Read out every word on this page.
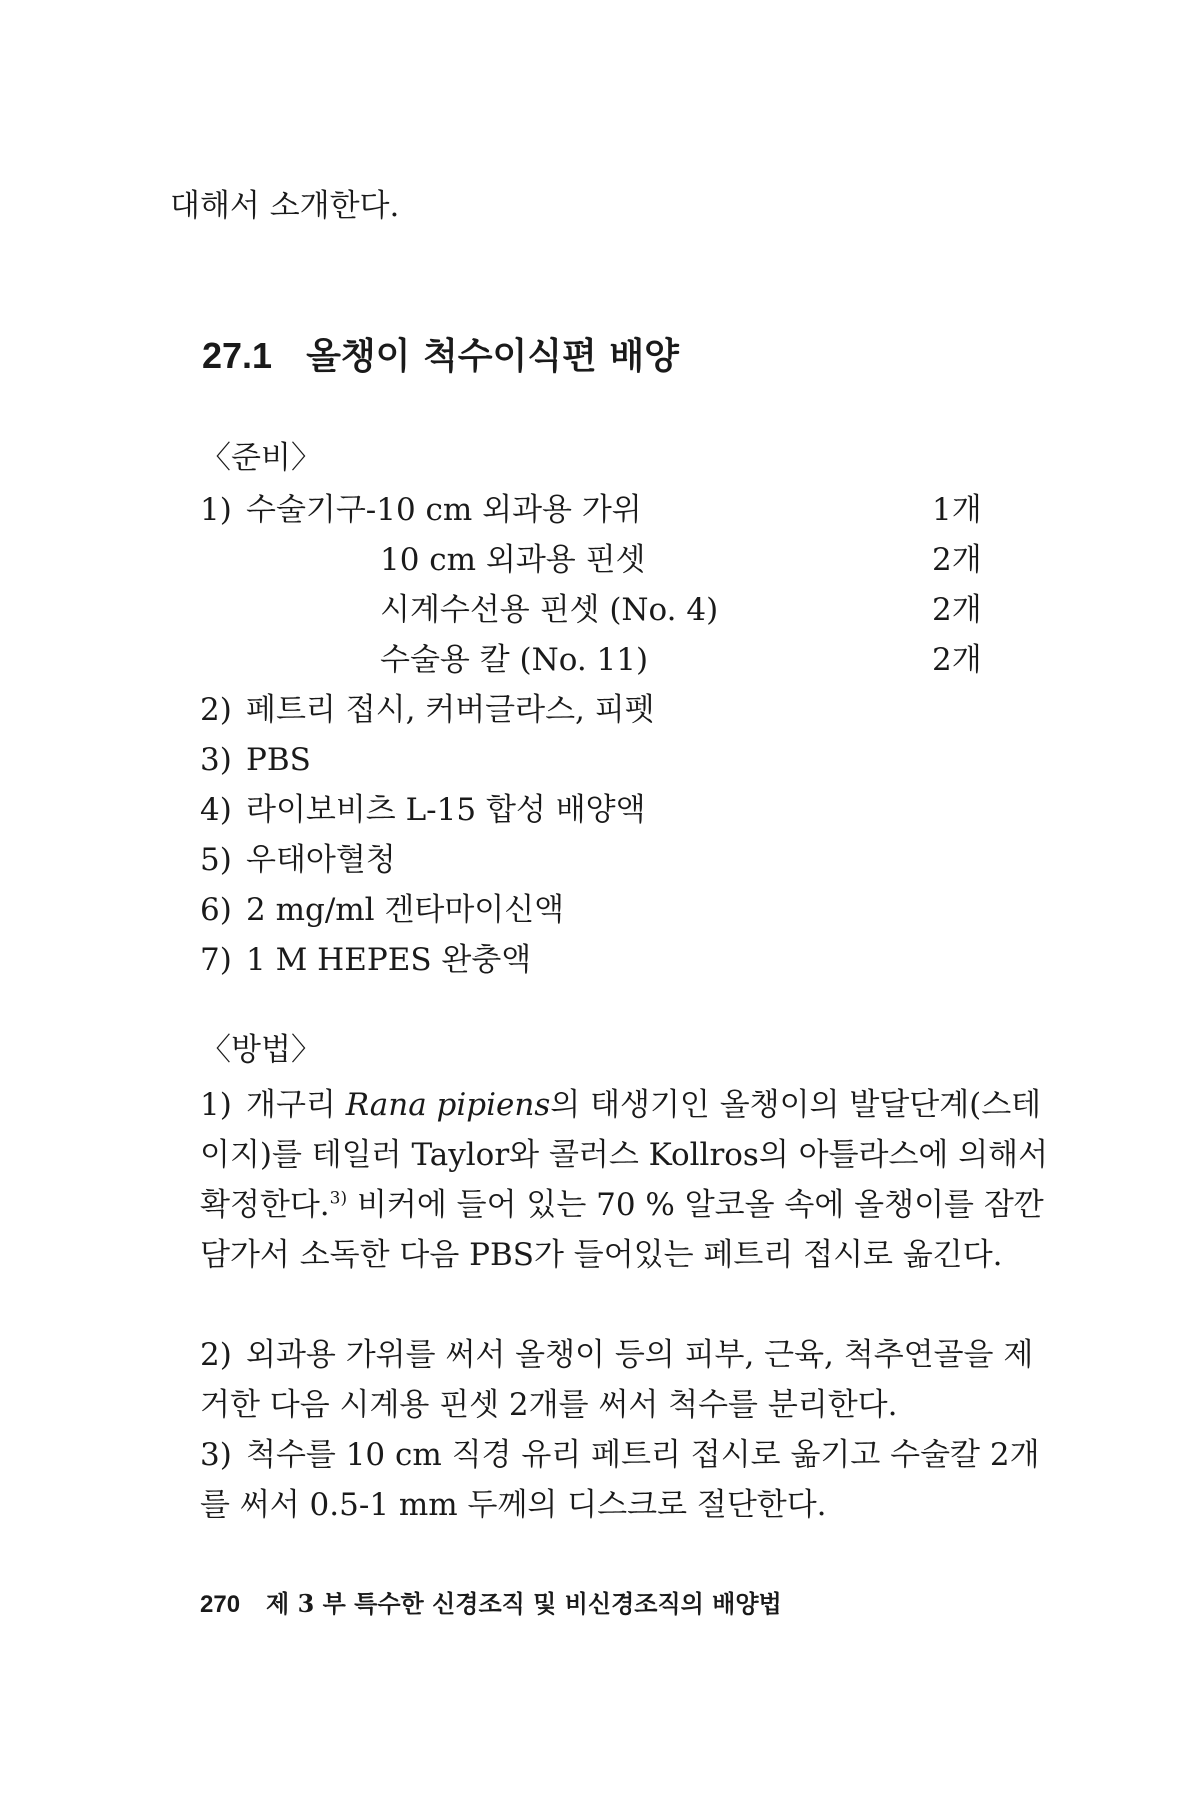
대해서 소개한다.
27.1 올챙이 척수이식편 배양
〈준비〉
1) 수술기구-10 cm 외과용 가위	1개
10 cm 외과용 핀셋	2개
시계수선용 핀셋 (No. 4)	2개
수술용 칼 (No. 11)	2개
2) 페트리 접시, 커버글라스, 피펫
3) PBS
4) 라이보비츠 L-15 합성 배양액
5) 우태아혈청
6) 2 mg/ml 겐타마이신액
7) 1 M HEPES 완충액
〈방법〉
1) 개구리 Rana pipiens의 태생기인 올챙이의 발달단계(스테이지)를 테일러 Taylor와 콜러스 Kollros의 아틀라스에 의해서 확정한다.$^{3)}$ 비커에 들어 있는 70 % 알코올 속에 올챙이를 잠깐 담가서 소독한 다음 PBS가 들어있는 페트리 접시로 옮긴다.
2) 외과용 가위를 써서 올챙이 등의 피부, 근육, 척추연골을 제거한 다음 시계용 핀셋 2개를 써서 척수를 분리한다.
3) 척수를 10 cm 직경 유리 페트리 접시로 옮기고 수술칼 2개를 써서 0.5-1 mm 두께의 디스크로 절단한다.
270 제 3 부 특수한 신경조직 및 비신경조직의 배양법
